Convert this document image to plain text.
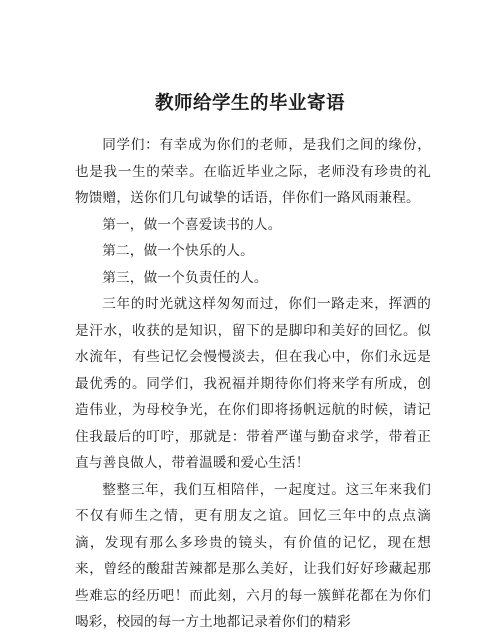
教师给学生的毕业寄语

同学们：有幸成为你们的老师，是我们之间的缘份，也是我一生的荣幸。在临近毕业之际，老师没有珍贵的礼物馈赠，送你们几句诚挚的话语，伴你们一路风雨兼程。

第一，做一个喜爱读书的人。

第二，做一个快乐的人。

第三，做一个负责任的人。

三年的时光就这样匆匆而过，你们一路走来，挥洒的是汗水，收获的是知识，留下的是脚印和美好的回忆。似水流年，有些记忆会慢慢淡去，但在我心中，你们永远是最优秀的。同学们，我祝福并期待你们将来学有所成，创造伟业，为母校争光，在你们即将扬帆远航的时候，请记住我最后的叮咛，那就是：带着严谨与勤奋求学，带着正直与善良做人，带着温暖和爱心生活！

整整三年，我们互相陪伴，一起度过。这三年来我们不仅有师生之情，更有朋友之谊。回忆三年中的点点滴滴，发现有那么多珍贵的镜头，有价值的记忆，现在想来，曾经的酸甜苦辣都是那么美好，让我们好好珍藏起那些难忘的经历吧！而此刻，六月的每一簇鲜花都在为你们喝彩，校园的每一方土地都记录着你们的精彩
